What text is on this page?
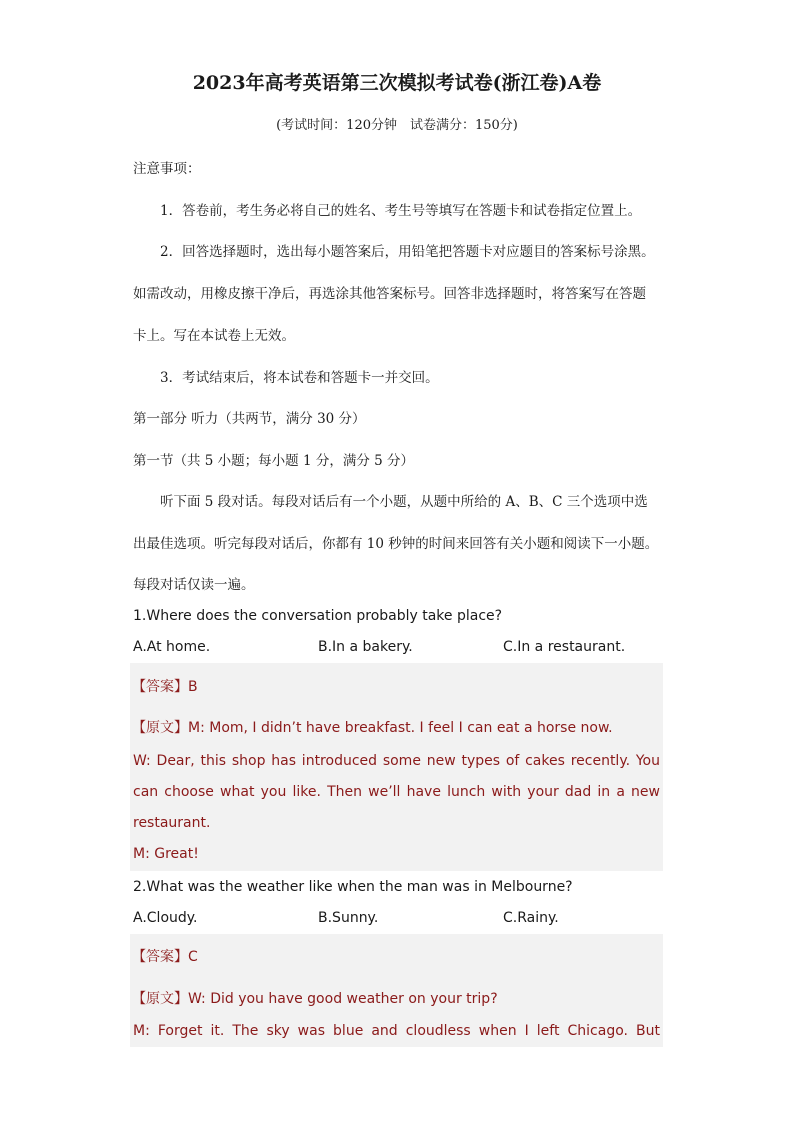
2023年高考英语第三次模拟考试卷(浙江卷)A卷
(考试时间：120分钟　试卷满分：150分)
注意事项：
1．答卷前，考生务必将自己的姓名、考生号等填写在答题卡和试卷指定位置上。
2．回答选择题时，选出每小题答案后，用铅笔把答题卡对应题目的答案标号涂黑。
如需改动，用橡皮擦干净后，再选涂其他答案标号。回答非选择题时，将答案写在答题
卡上。写在本试卷上无效。
3．考试结束后，将本试卷和答题卡一并交回。
第一部分 听力（共两节，满分 30 分）
第一节（共 5 小题；每小题 1 分，满分 5 分）
听下面 5 段对话。每段对话后有一个小题，从题中所给的 A、B、C 三个选项中选
出最佳选项。听完每段对话后，你都有 10 秒钟的时间来回答有关小题和阅读下一小题。
每段对话仅读一遍。
1.Where does the conversation probably take place?
A.At home.	B.In a bakery.	C.In a restaurant.
【答案】B
【原文】M: Mom, I didn’t have breakfast. I feel I can eat a horse now.
W: Dear, this shop has introduced some new types of cakes recently. You
can choose what you like. Then we’ll have lunch with your dad in a new
restaurant.
M: Great!
2.What was the weather like when the man was in Melbourne?
A.Cloudy.	B.Sunny.	C.Rainy.
【答案】C
【原文】W: Did you have good weather on your trip?
M: Forget it. The sky was blue and cloudless when I left Chicago. But
